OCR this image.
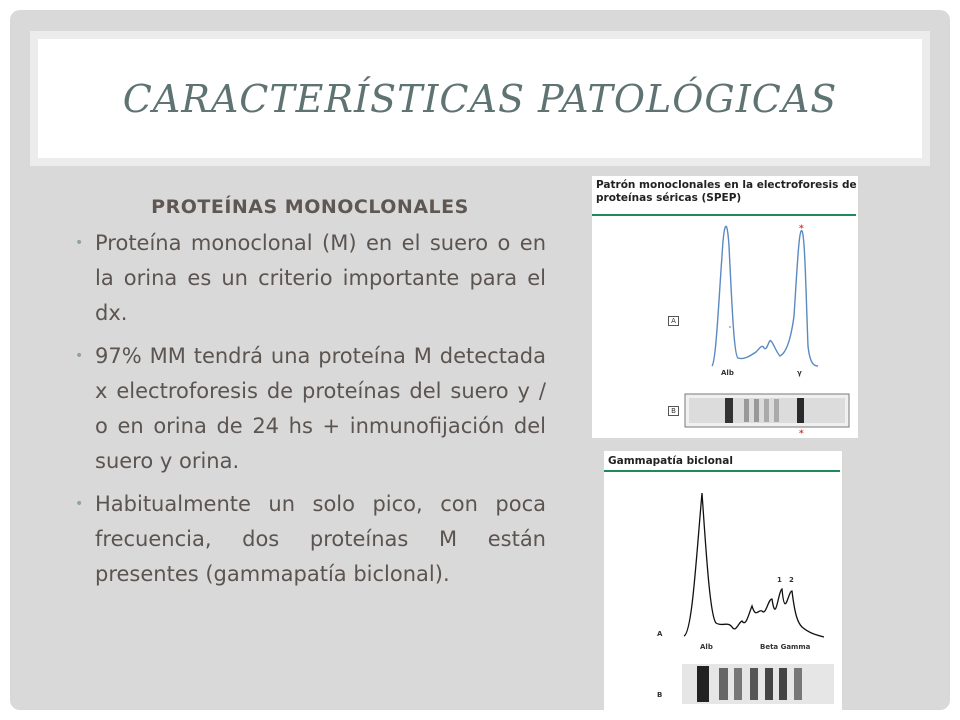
CARACTERÍSTICAS PATOLÓGICAS
PROTEÍNAS MONOCLONALES
• Proteína monoclonal (M) en el suero o en la orina es un criterio importante para el dx.
• 97% MM tendrá una proteína M detectada x electroforesis de proteínas del suero y / o en orina de 24 hs + inmunofijación del suero y orina.
• Habitualmente un solo pico, con poca frecuencia, dos proteínas M están presentes (gammapatía biclonal).
Patrón monoclonales en la electroforesis de
proteínas séricas (SPEP)
A
B
Alb	γ
*
*
Gammapatía biclonal
A
B
Alb	Beta Gamma
1 2
